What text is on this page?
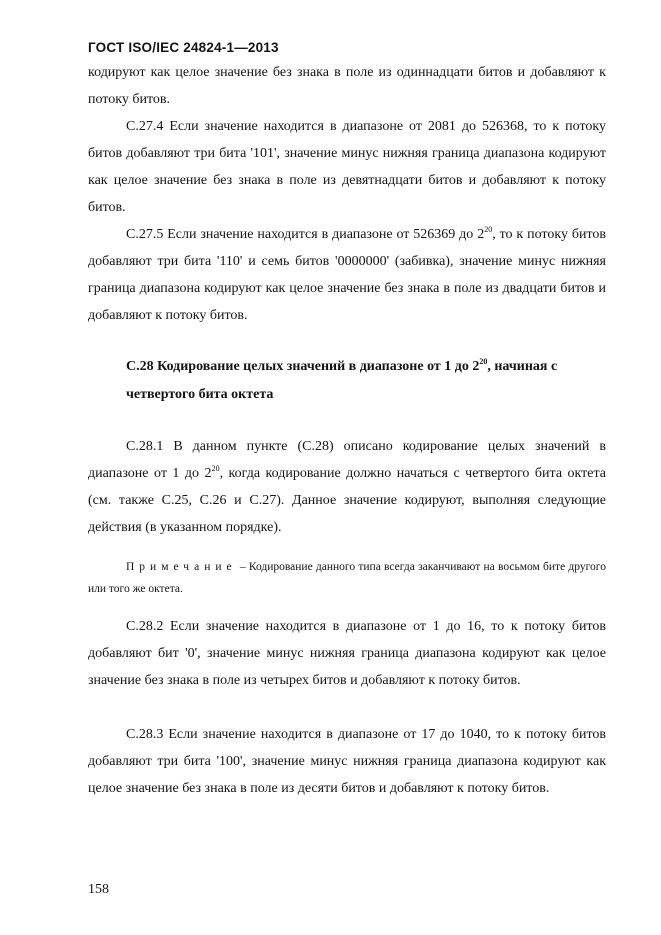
ГОСТ ISO/IEC 24824-1—2013

кодируют как целое значение без знака в поле из одиннадцати битов и добавляют к потоку битов.

С.27.4 Если значение находится в диапазоне от 2081 до 526368, то к потоку битов добавляют три бита '101', значение минус нижняя граница диапазона кодируют как целое значение без знака в поле из девятнадцати битов и добавляют к потоку битов.

С.27.5 Если значение находится в диапазоне от 526369 до $2^{20}$, то к потоку битов добавляют три бита '110' и семь битов '0000000' (забивка), значение минус нижняя граница диапазона кодируют как целое значение без знака в поле из двадцати битов и добавляют к потоку битов.

С.28 Кодирование целых значений в диапазоне от 1 до $2^{20}$, начиная с четвертого бита октета

С.28.1 В данном пункте (С.28) описано кодирование целых значений в диапазоне от 1 до $2^{20}$, когда кодирование должно начаться с четвертого бита октета (см. также С.25, С.26 и С.27). Данное значение кодируют, выполняя следующие действия (в указанном порядке).

Примечание – Кодирование данного типа всегда заканчивают на восьмом бите другого или того же октета.

С.28.2 Если значение находится в диапазоне от 1 до 16, то к потоку битов добавляют бит '0', значение минус нижняя граница диапазона кодируют как целое значение без знака в поле из четырех битов и добавляют к потоку битов.

С.28.3 Если значение находится в диапазоне от 17 до 1040, то к потоку битов добавляют три бита '100', значение минус нижняя граница диапазона кодируют как целое значение без знака в поле из десяти битов и добавляют к потоку битов.

158
